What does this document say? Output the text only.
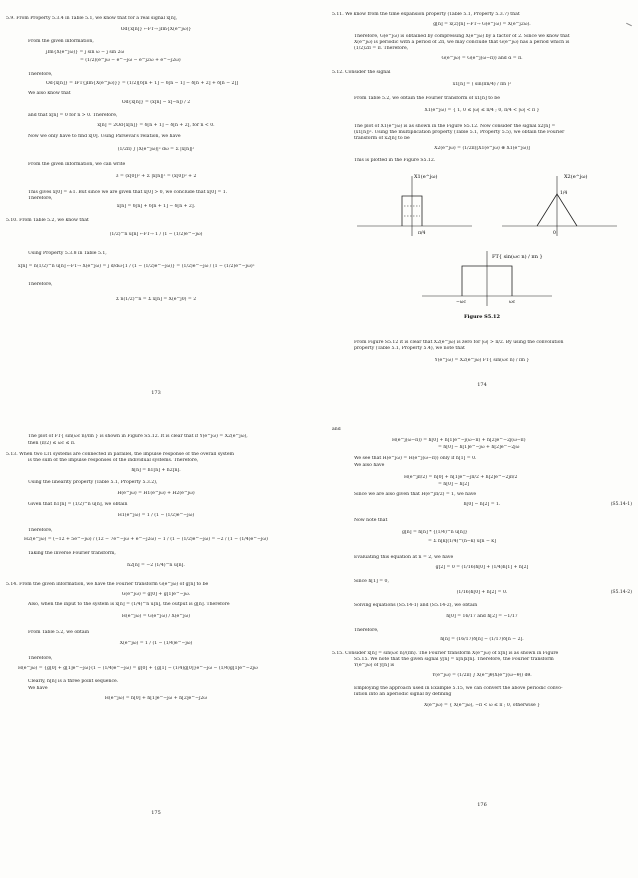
5.9. From Property 5.3.4 in Table 5.1, we know that for a real signal x[n],
Od{x[n]} ←FT→ jIm{X(e^jω)}
From the given information,
jIm{X(e^jω)} = j sin ω − j sin 2ω
= (1/2)(e^jω − e^−jω − e^j2ω + e^−j2ω)
Therefore,
Od{x[n]} = IFT{jIm{X(e^jω)}} = (1/2)[δ[n + 1] − δ[n − 1] − δ[n + 2] + δ[n − 2]]
We also know that
Od{x[n]} = (x[n] − x[−n]) / 2
and that x[n] = 0 for n > 0. Therefore,
x[n] = 2Od{x[n]} = δ[n + 1] − δ[n + 2], for n < 0.
Now we only have to find x[0]. Using Parseval's relation, we have
(1/2π) ∫ |X(e^jω)|² dω = Σ |x[n]|²
From the given information, we can write
3 = (x[0])² + Σ |x[n]|² = (x[0])² + 2
This gives x[0] = ±1. But since we are given that x[0] > 0, we conclude that x[0] = 1.
Therefore,
x[n] = δ[n] + δ[n + 1] − δ[n + 2].
5.10. From Table 5.2, we know that
(1/2)^n u[n] ←FT→ 1 / (1 − (1/2)e^−jω)
Using Property 5.3.8 in Table 5.1,
x[n] = n(1/2)^n u[n] ←FT→ X(e^jω) = j d/dω{1 / (1 − (1/2)e^−jω)} = (1/2)e^−jω / (1 − (1/2)e^−jω)²
Therefore,
Σ n(1/2)^n = Σ x[n] = X(e^j0) = 2
173
5.11. We know from the time expansion property (Table 5.1, Property 5.3.7) that
g[n] = x(2)[n] ←FT→ G(e^jω) = X(e^j2ω).
Therefore, G(e^jω) is obtained by compressing X(e^jω) by a factor of 2. Since we know that
X(e^jω) is periodic with a period of 2π, we may conclude that G(e^jω) has a period which is
(1/2)2π = π. Therefore,
G(e^jω) = G(e^j(ω−π)) and α = π.
5.12. Consider the signal
x1[n] = ( sin(πn/4) / πn )²
From Table 5.2, we obtain the Fourier transform of x1[n] to be
X1(e^jω) = { 1, 0 ≤ |ω| ≤ π/4 ; 0, π/4 < |ω| < π }
The plot of X1(e^jω) is as shown in the Figure S5.12. Now consider the signal x2[n] =
(x1[n])². Using the multiplication property (Table 5.1, Property 5.5), we obtain the Fourier
transform of x2[n] to be
X2(e^jω) = (1/2π)[X1(e^jω) ⊛ X1(e^jω)]
This is plotted in the Figure S5.12.
X1(e^jω)	X2(e^jω)
1/4
π/4	0
FT{ sin(ωc n) / πn }
−ωc	ωc
Figure S5.12
From Figure S5.12 it is clear that X2(e^jω) is zero for |ω| > π/2. By using the convolution
property (Table 5.1, Property 5.4), we note that
Y(e^jω) = X2(e^jω) FT{ sin(ωc n) / πn }
174
The plot of FT{ sin(ωc n)/πn } is shown in Figure S5.12. It is clear that if Y(e^jω) = X2(e^jω),
then (π/2) ≤ ωc ≤ π.
5.13. When two LTI systems are connected in parallel, the impulse response of the overall system
is the sum of the impulse responses of the individual systems. Therefore,
h[n] = h1[n] + h2[n].
Using the linearity property (Table 5.1, Property 5.3.2),
H(e^jω) = H1(e^jω) + H2(e^jω)
Given that h1[n] = (1/2)^n u[n], we obtain
H1(e^jω) = 1 / (1 − (1/2)e^−jω)
Therefore,
H2(e^jω) = (−12 + 5e^−jω) / (12 − 7e^−jω + e^−j2ω) − 1 / (1 − (1/2)e^−jω) = −2 / (1 − (1/4)e^−jω)
Taking the inverse Fourier transform,
h2[n] = −2 (1/4)^n u[n].
5.14. From the given information, we have the Fourier transform G(e^jω) of g[n] to be
G(e^jω) = g[0] + g[1]e^−jω.
Also, when the input to the system is x[n] = (1/4)^n u[n], the output is g[n]. Therefore
H(e^jω) = G(e^jω) / X(e^jω)
From Table 5.2, we obtain
X(e^jω) = 1 / (1 − (1/4)e^−jω)
Therefore,
H(e^jω) = {g[0] + g[1]e^−jω}(1 − (1/4)e^−jω) = g[0] + {g[1] − (1/4)g[0]}e^−jω − (1/4)g[1]e^−2jω
Clearly, h[n] is a three point sequence.
We have
H(e^jω) = h[0] + h[1]e^−jω + h[2]e^−j2ω
175
and
H(e^j(ω−π)) = h[0] + h[1]e^−j(ω−π) + h[2]e^−2j(ω−π)
= h[0] − h[1]e^−jω + h[2]e^−2jω
We see that H(e^jω) = H(e^j(ω−π)) only if h[1] = 0.
We also have
H(e^jπ/2) = h[0] + h[1]e^−jπ/2 + h[2]e^−2jπ/2
= h[0] − h[2]
Since we are also given that H(e^jπ/2) = 1, we have
h[0] − h[2] = 1.	(S5.14-1)
Now note that
g[n] = h[n] * {(1/4)^n u[n]}
= Σ h[k](1/4)^(n−k) u[n − k]
Evaluating this equation at n = 2, we have
g[2] = 0 = (1/16)h[0] + (1/4)h[1] + h[2]
Since h[1] = 0,
(1/16)h[0] + h[2] = 0.	(S5.14-2)
Solving equations (S5.14-1) and (S5.14-2), we obtain
h[0] = 16/17 and h[2] = −1/17
Therefore,
h[n] = (16/17)δ[n] − (1/17)δ[n − 2].
5.15. Consider x[n] = sin(ωc n)/(πn). The Fourier transform X(e^jω) of x[n] is as shown in Figure
S5.15. We note that the given signal y[n] = x[n]x[n]. Therefore, the Fourier transform
Y(e^jω) of y[n] is
Y(e^jω) = (1/2π) ∫ X(e^jθ)X(e^j(ω−θ)) dθ.
Employing the approach used in Example 5.15, we can convert the above periodic convo-
lution into an aperiodic signal by defining
X̂(e^jω) = { X(e^jω), −π < ω ≤ π ; 0, otherwise }
176
